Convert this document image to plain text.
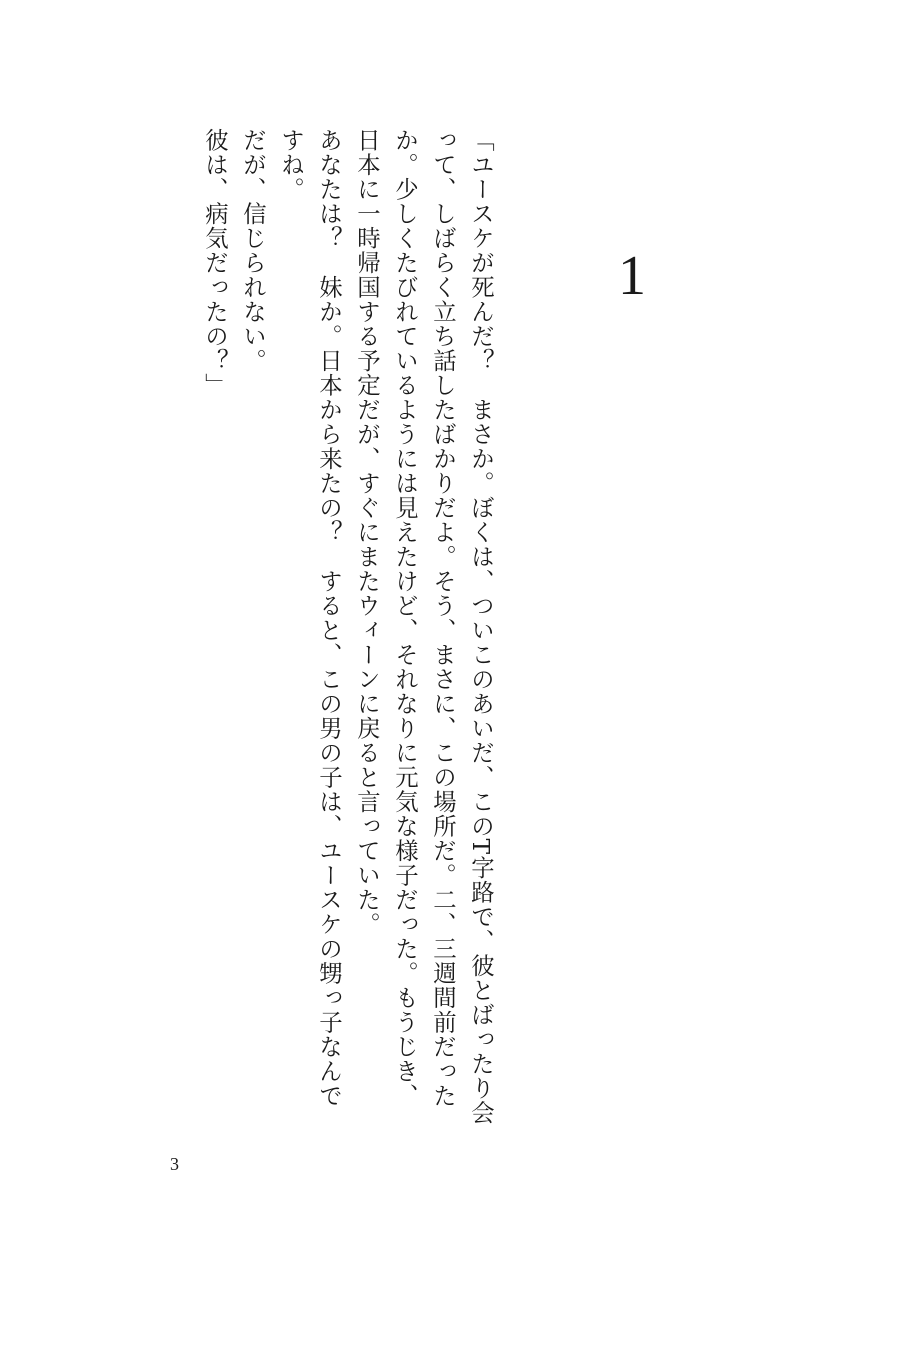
1

「ユースケが死んだ？　まさか。ぼくは、ついこのあいだ、このT字路で、彼とばったり会って、しばらく立ち話したばかりだよ。そう、まさに、この場所だ。二、三週間前だったか。少しくたびれているようには見えたけど、それなりに元気な様子だった。もうじき、日本に一時帰国する予定だが、すぐにまたウィーンに戻ると言っていた。

あなたは？　妹か。日本から来たの？　すると、この男の子は、ユースケの甥っ子なんですね。

だが、信じられない。

彼は、病気だったの？」

3
